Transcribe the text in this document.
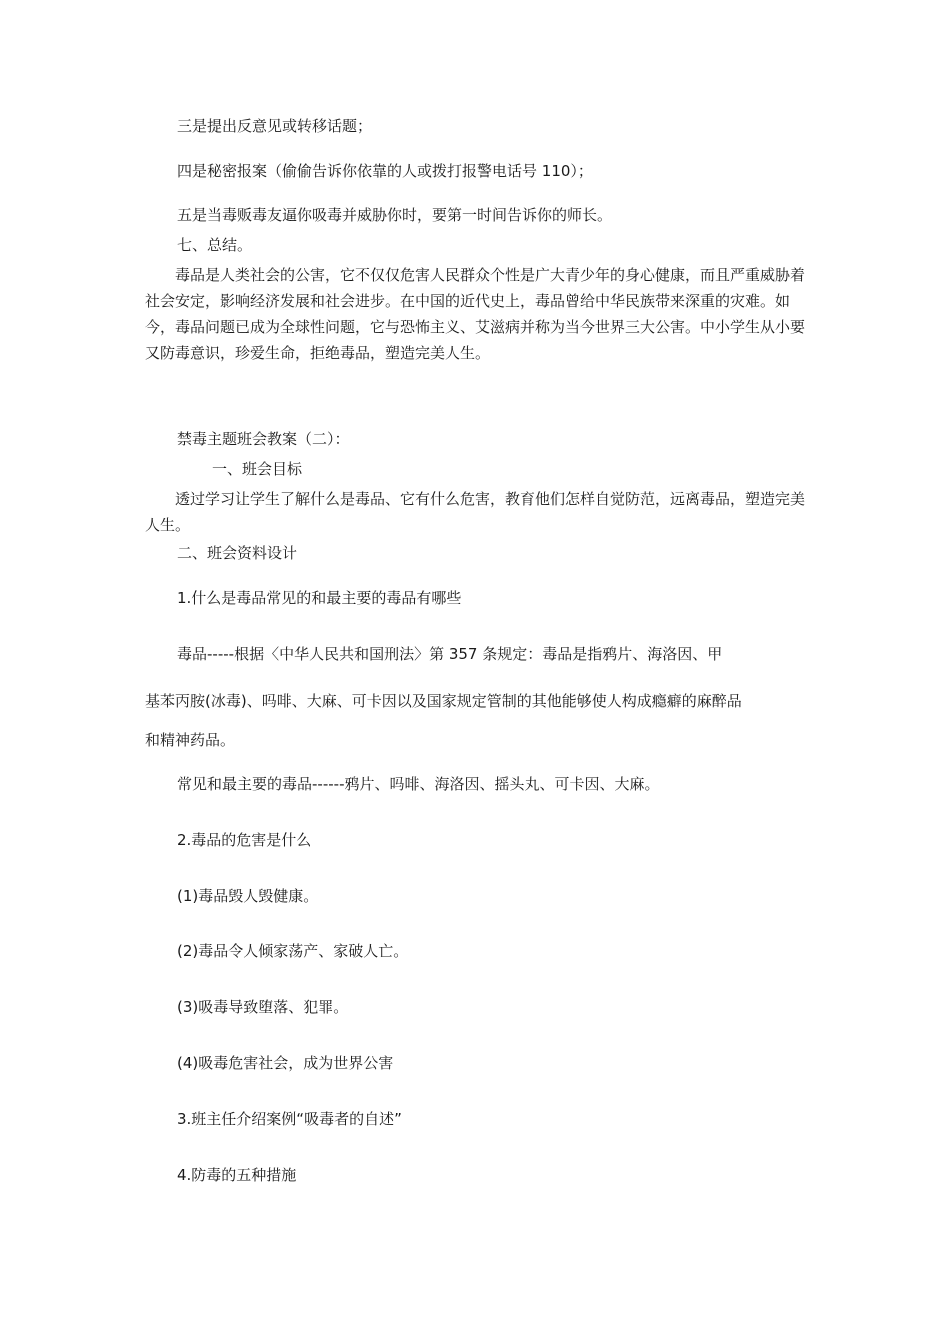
三是提出反意见或转移话题；

四是秘密报案（偷偷告诉你依靠的人或拨打报警电话号 110）；

五是当毒贩毒友逼你吸毒并威胁你时，要第一时间告诉你的师长。

七、总结。

毒品是人类社会的公害，它不仅仅危害人民群众个性是广大青少年的身心健康，而且严重威胁着社会安定，影响经济发展和社会进步。在中国的近代史上，毒品曾给中华民族带来深重的灾难。如今，毒品问题已成为全球性问题，它与恐怖主义、艾滋病并称为当今世界三大公害。中小学生从小要又防毒意识，珍爱生命，拒绝毒品，塑造完美人生。

禁毒主题班会教案（二）：

一、班会目标

透过学习让学生了解什么是毒品、它有什么危害，教育他们怎样自觉防范，远离毒品，塑造完美人生。

二、班会资料设计

1.什么是毒品常见的和最主要的毒品有哪些

毒品-----根据〈中华人民共和国刑法〉第 357 条规定：毒品是指鸦片、海洛因、甲

基苯丙胺(冰毒)、吗啡、大麻、可卡因以及国家规定管制的其他能够使人构成瘾癖的麻醉品

和精神药品。

常见和最主要的毒品------鸦片、吗啡、海洛因、摇头丸、可卡因、大麻。

2.毒品的危害是什么

(1)毒品毁人毁健康。

(2)毒品令人倾家荡产、家破人亡。

(3)吸毒导致堕落、犯罪。

(4)吸毒危害社会，成为世界公害

3.班主任介绍案例“吸毒者的自述”

4.防毒的五种措施
